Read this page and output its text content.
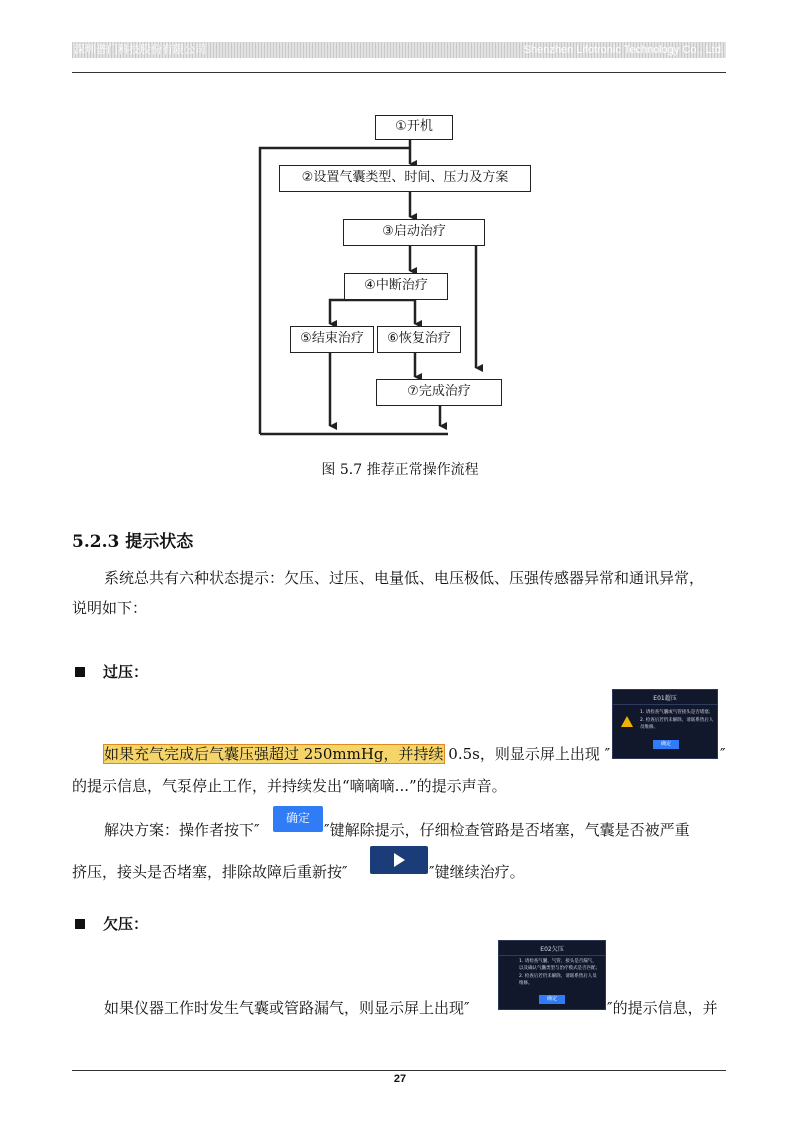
深圳普门科技股份有限公司	Shenzhen Lifotronic Technology Co., Ltd.
①开机
②设置气囊类型、时间、压力及方案
③启动治疗
④中断治疗
⑤结束治疗	⑥恢复治疗
⑦完成治疗
图 5.7 推荐正常操作流程
5.2.3 提示状态
系统总共有六种状态提示：欠压、过压、电量低、电压极低、压强传感器异常和通讯异常，
说明如下：
过压：
E01超压
1. 请检查气囊或气管接头是否堵塞；
2. 检查后若仍未解除，请联系售后人员维修。
确定
如果充气完成后气囊压强超过 250mmHg，并持续 0.5s，则显示屏上出现 ″	″
的提示信息，气泵停止工作，并持续发出“嘀嘀嘀...”的提示声音。
解决方案：操作者按下″
确定
″键解除提示，仔细检查管路是否堵塞，气囊是否被严重
挤压，接头是否堵塞，排除故障后重新按″	″键继续治疗。
欠压：
E02欠压
1. 请检查气囊、气管、接头是否漏气，以及确认气囊类型与治疗模式是否匹配；
2. 检查后若仍未解除，请联系售后人员维修。
确定
如果仪器工作时发生气囊或管路漏气，则显示屏上出现″	″的提示信息，并
27
